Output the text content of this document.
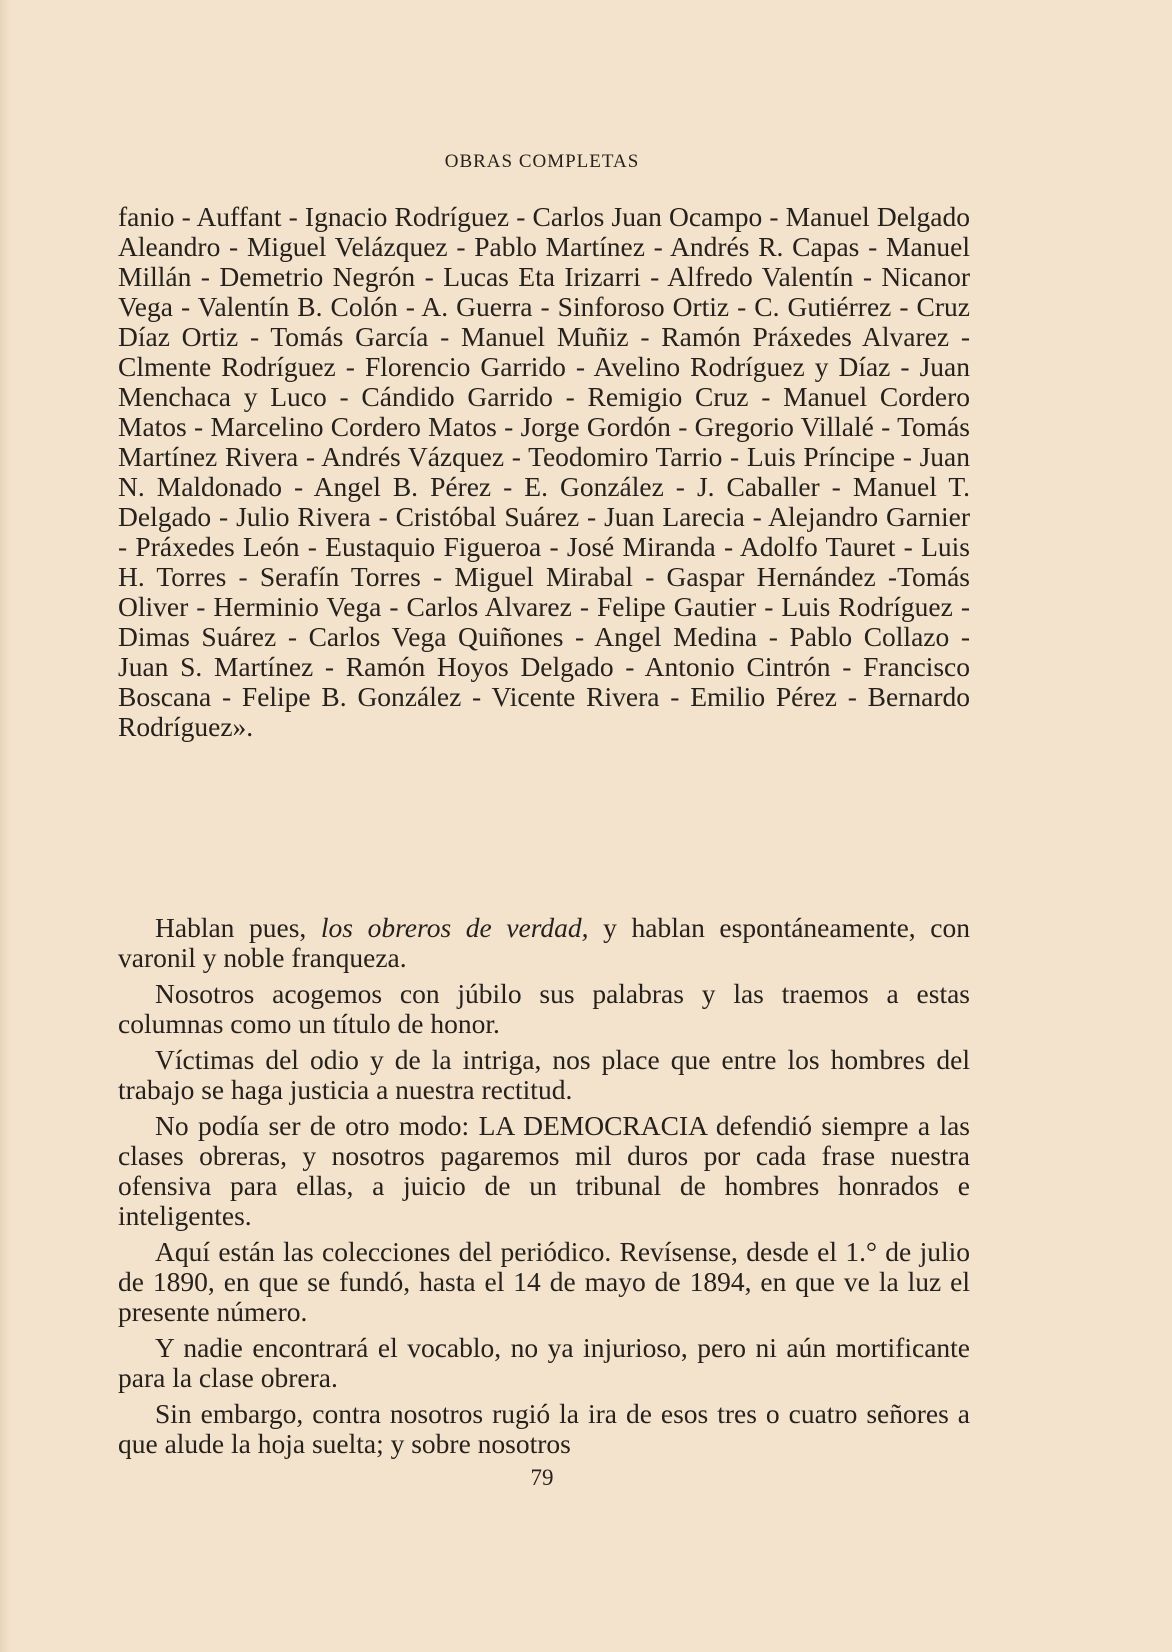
OBRAS COMPLETAS

fanio - Auffant - Ignacio Rodríguez - Carlos Juan Ocampo - Manuel Delgado Aleandro - Miguel Velázquez - Pablo Martínez - Andrés R. Capas - Manuel Millán - Demetrio Negrón - Lucas Eta Irizarri - Alfredo Valentín - Nicanor Vega - Valentín B. Colón - A. Guerra - Sinforoso Ortiz - C. Gutiérrez - Cruz Díaz Ortiz - Tomás García - Manuel Muñiz - Ramón Práxedes Alvarez - Clmente Rodríguez - Florencio Garrido - Avelino Rodríguez y Díaz - Juan Menchaca y Luco - Cándido Garrido - Remigio Cruz - Manuel Cordero Matos - Marcelino Cordero Matos - Jorge Gordón - Gregorio Villalé - Tomás Martínez Rivera - Andrés Vázquez - Teodomiro Tarrio - Luis Príncipe - Juan N. Maldonado - Angel B. Pérez - E. González - J. Caballer - Manuel T. Delgado - Julio Rivera - Cristóbal Suárez - Juan Larecia - Alejandro Garnier - Práxedes León - Eustaquio Figueroa - José Miranda - Adolfo Tauret - Luis H. Torres - Serafín Torres - Miguel Mirabal - Gaspar Hernández -Tomás Oliver - Herminio Vega - Carlos Alvarez - Felipe Gautier - Luis Rodríguez - Dimas Suárez - Carlos Vega Quiñones - Angel Medina - Pablo Collazo - Juan S. Martínez - Ramón Hoyos Delgado - Antonio Cintrón - Francisco Boscana - Felipe B. González - Vicente Rivera - Emilio Pérez - Bernardo Rodríguez».

Hablan pues, los obreros de verdad, y hablan espontáneamente, con varonil y noble franqueza.

Nosotros acogemos con júbilo sus palabras y las traemos a estas columnas como un título de honor.

Víctimas del odio y de la intriga, nos place que entre los hombres del trabajo se haga justicia a nuestra rectitud.

No podía ser de otro modo: LA DEMOCRACIA defendió siempre a las clases obreras, y nosotros pagaremos mil duros por cada frase nuestra ofensiva para ellas, a juicio de un tribunal de hombres honrados e inteligentes.

Aquí están las colecciones del periódico. Revísense, desde el 1.° de julio de 1890, en que se fundó, hasta el 14 de mayo de 1894, en que ve la luz el presente número.

Y nadie encontrará el vocablo, no ya injurioso, pero ni aún mortificante para la clase obrera.

Sin embargo, contra nosotros rugió la ira de esos tres o cuatro señores a que alude la hoja suelta; y sobre nosotros

79
